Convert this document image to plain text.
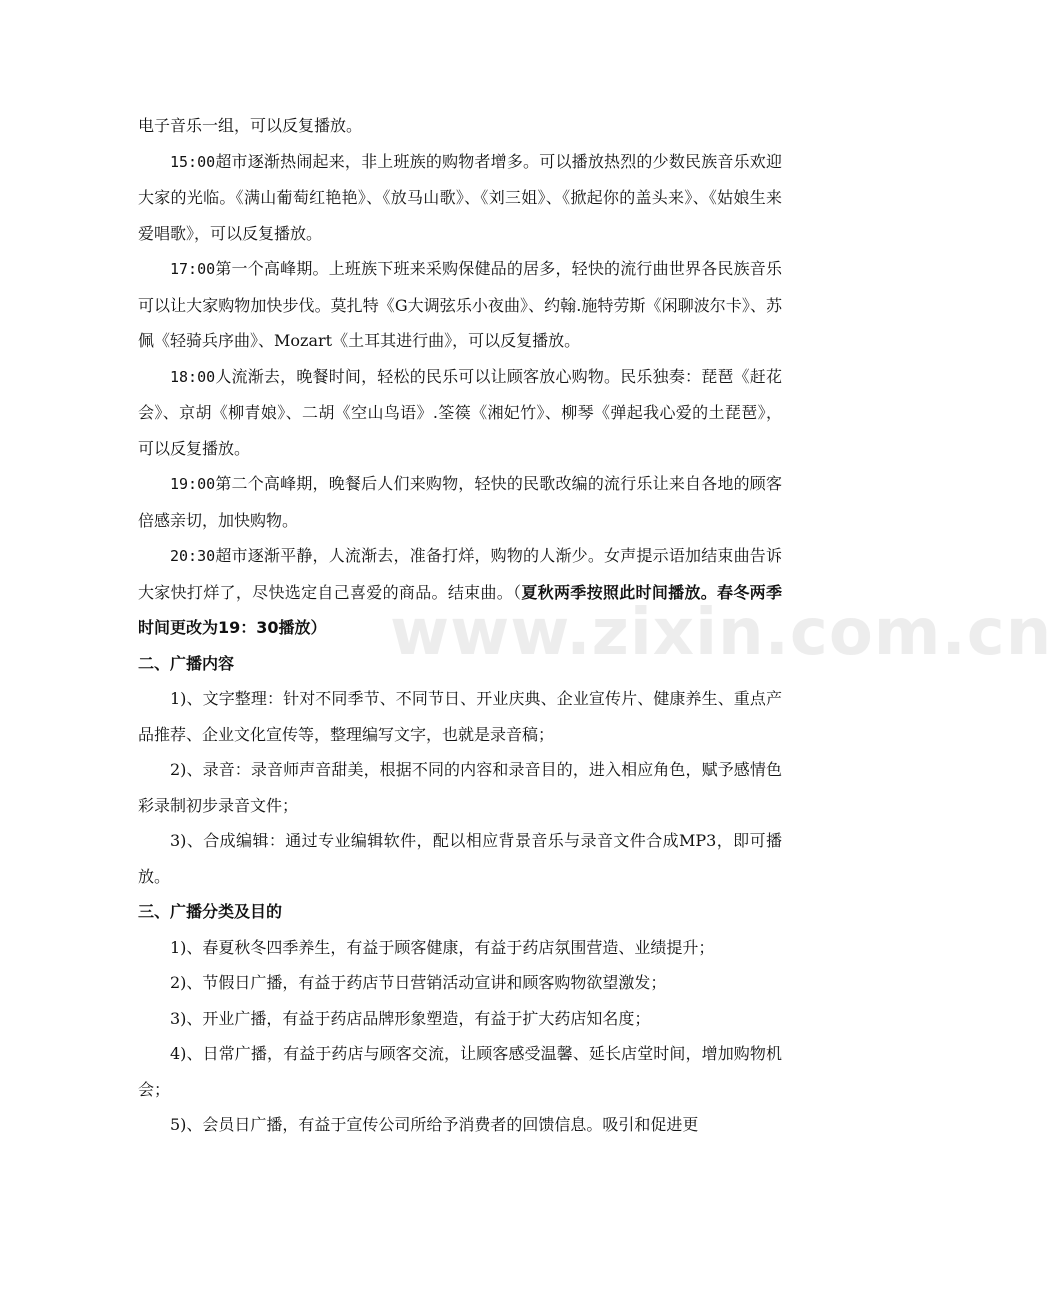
www.zixin.com.cn

电子音乐一组，可以反复播放。

15:00超市逐渐热闹起来，非上班族的购物者增多。可以播放热烈的少数民族音乐欢迎大家的光临。《满山葡萄红艳艳》、《放马山歌》、《刘三姐》、《掀起你的盖头来》、《姑娘生来爱唱歌》，可以反复播放。

17:00第一个高峰期。上班族下班来采购保健品的居多，轻快的流行曲世界各民族音乐可以让大家购物加快步伐。莫扎特《G大调弦乐小夜曲》、约翰.施特劳斯《闲聊波尔卡》、苏佩《轻骑兵序曲》、Mozart《土耳其进行曲》，可以反复播放。

18:00人流渐去，晚餐时间，轻松的民乐可以让顾客放心购物。民乐独奏：琵琶《赶花会》、京胡《柳青娘》、二胡《空山鸟语》.筌篌《湘妃竹》、柳琴《弹起我心爱的土琵琶》，可以反复播放。

19:00第二个高峰期，晚餐后人们来购物，轻快的民歌改编的流行乐让来自各地的顾客倍感亲切，加快购物。

20:30超市逐渐平静，人流渐去，准备打烊，购物的人渐少。女声提示语加结束曲告诉大家快打烊了，尽快选定自己喜爱的商品。结束曲。（夏秋两季按照此时间播放。春冬两季时间更改为19：30播放）

二、广播内容

1)、文字整理：针对不同季节、不同节日、开业庆典、企业宣传片、健康养生、重点产品推荐、企业文化宣传等，整理编写文字，也就是录音稿；

2)、录音：录音师声音甜美，根据不同的内容和录音目的，进入相应角色，赋予感情色彩录制初步录音文件；

3)、合成编辑：通过专业编辑软件，配以相应背景音乐与录音文件合成MP3，即可播放。

三、广播分类及目的

1)、春夏秋冬四季养生，有益于顾客健康，有益于药店氛围营造、业绩提升；

2)、节假日广播，有益于药店节日营销活动宣讲和顾客购物欲望激发；

3)、开业广播，有益于药店品牌形象塑造，有益于扩大药店知名度；

4)、日常广播，有益于药店与顾客交流，让顾客感受温馨、延长店堂时间，增加购物机会；

5)、会员日广播，有益于宣传公司所给予消费者的回馈信息。吸引和促进更
